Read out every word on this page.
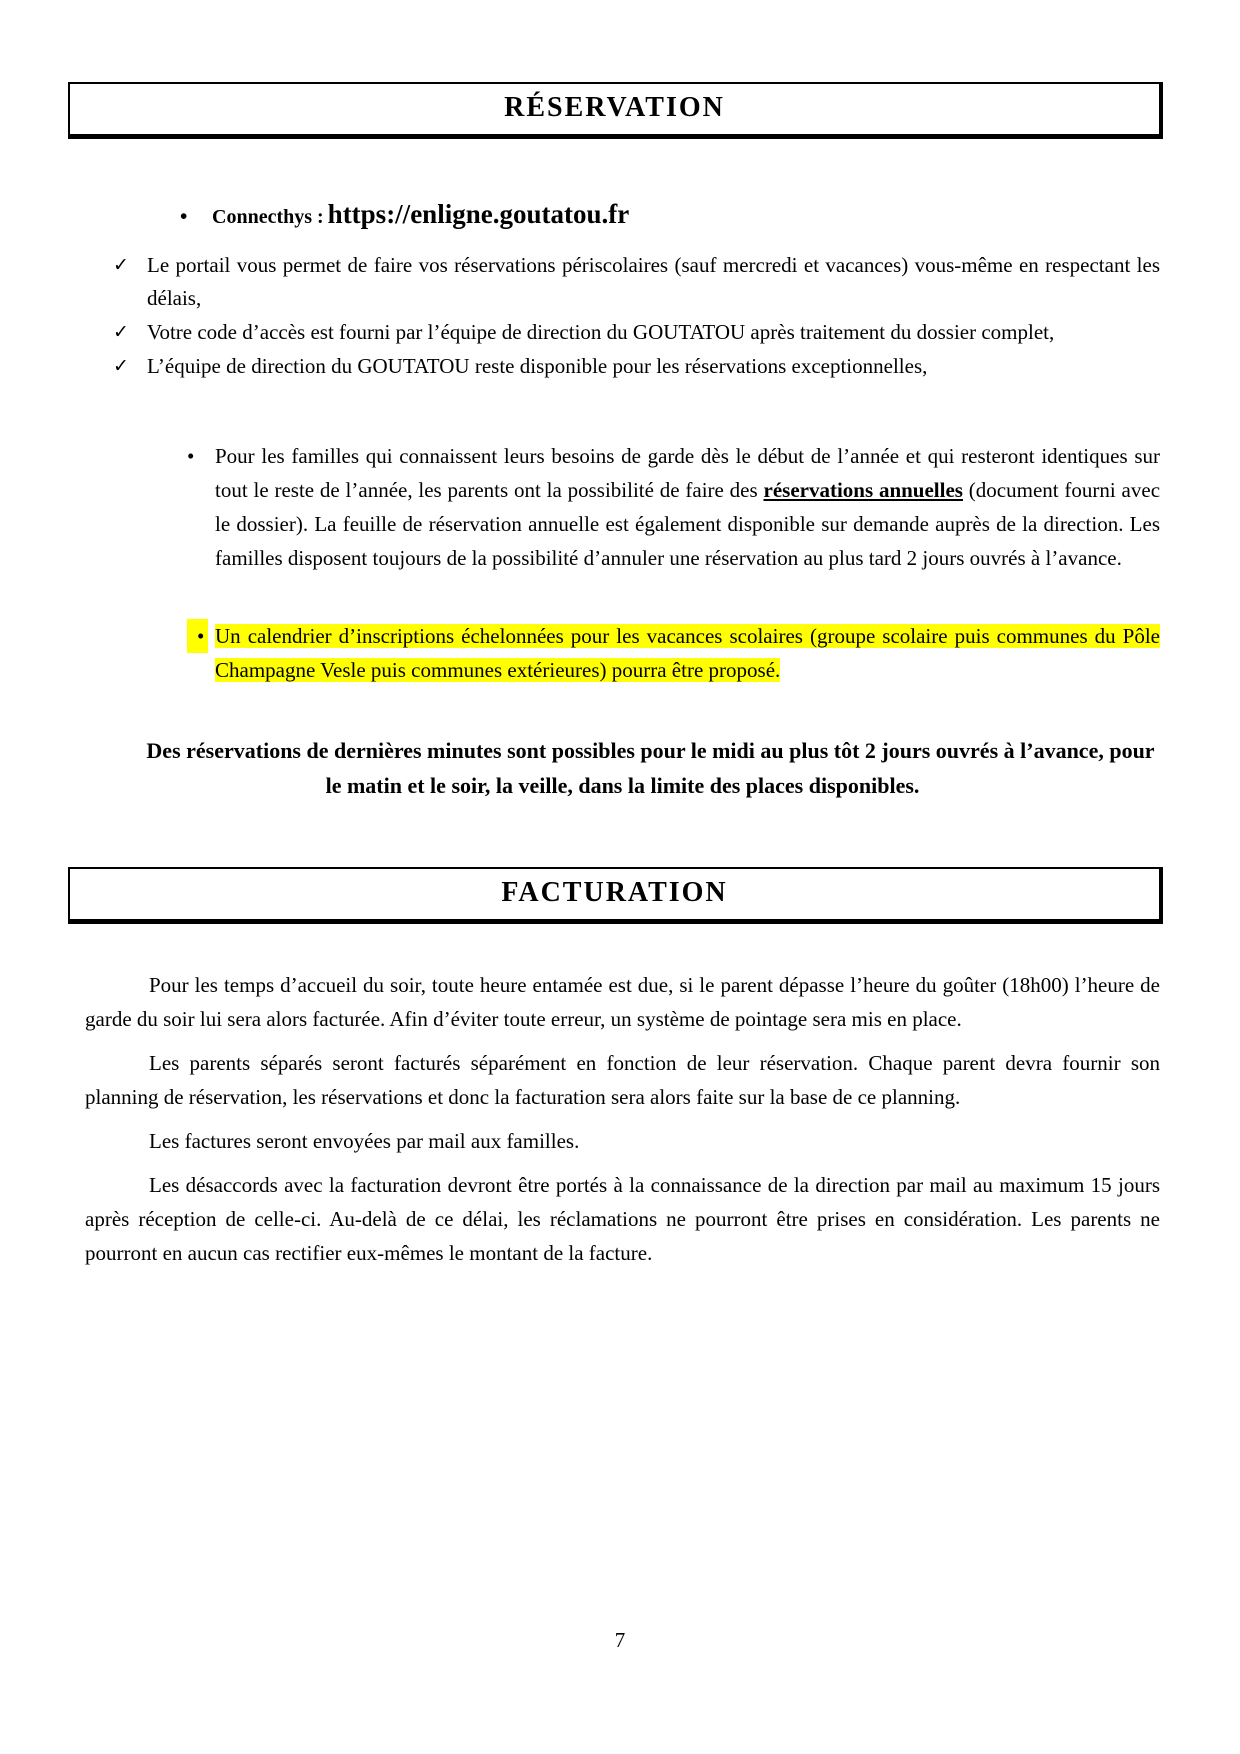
RÉSERVATION
• Connecthys : https://enligne.goutatou.fr
✓ Le portail vous permet de faire vos réservations périscolaires (sauf mercredi et vacances) vous-même en respectant les délais,
✓ Votre code d’accès est fourni par l’équipe de direction du GOUTATOU après traitement du dossier complet,
✓ L’équipe de direction du GOUTATOU reste disponible pour les réservations exceptionnelles,
• Pour les familles qui connaissent leurs besoins de garde dès le début de l’année et qui resteront identiques sur tout le reste de l’année, les parents ont la possibilité de faire des réservations annuelles (document fourni avec le dossier). La feuille de réservation annuelle est également disponible sur demande auprès de la direction. Les familles disposent toujours de la possibilité d’annuler une réservation au plus tard 2 jours ouvrés à l’avance.
• Un calendrier d’inscriptions échelonnées pour les vacances scolaires (groupe scolaire puis communes du Pôle Champagne Vesle puis communes extérieures) pourra être proposé.
Des réservations de dernières minutes sont possibles pour le midi au plus tôt 2 jours ouvrés à l’avance, pour le matin et le soir, la veille, dans la limite des places disponibles.
FACTURATION
Pour les temps d’accueil du soir, toute heure entamée est due, si le parent dépasse l’heure du goûter (18h00) l’heure de garde du soir lui sera alors facturée. Afin d’éviter toute erreur, un système de pointage sera mis en place.
Les parents séparés seront facturés séparément en fonction de leur réservation. Chaque parent devra fournir son planning de réservation, les réservations et donc la facturation sera alors faite sur la base de ce planning.
Les factures seront envoyées par mail aux familles.
Les désaccords avec la facturation devront être portés à la connaissance de la direction par mail au maximum 15 jours après réception de celle-ci. Au-delà de ce délai, les réclamations ne pourront être prises en considération. Les parents ne pourront en aucun cas rectifier eux-mêmes le montant de la facture.
7
